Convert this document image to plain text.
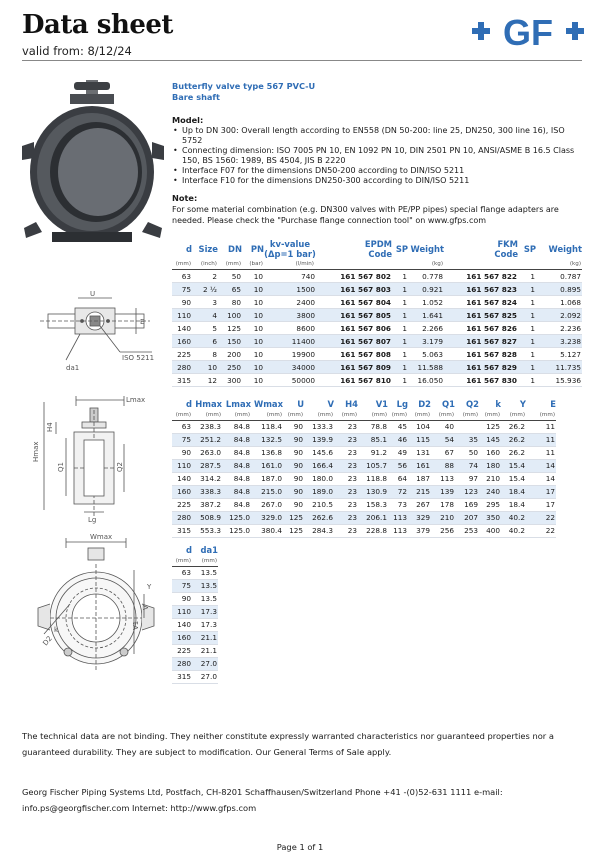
Data sheet
valid from: 8/12/24	GF
Butterfly valve type 567 PVC-U
Bare shaft
Model:
• Up to DN 300: Overall length according to EN558 (DN 50-200: line 25, DN250, 300 line 16), ISO 5752
• Connecting dimension: ISO 7005 PN 10, EN 1092 PN 10, DIN 2501 PN 10, ANSI/ASME B 16.5 Class 150, BS 1560: 1989, BS 4504, JIS B 2220
• Interface F07 for the dimensions DN50-200 according to DIN/ISO 5211
• Interface F10 for the dimensions DN250-300 according to DIN/ISO 5211
Note:
For some material combination (e.g. DN300 valves with PE/PP pipes) special flange adapters are needed. Please check the "Purchase flange connection tool" on www.gfps.com
d	Size	DN	PN	kv-value
(Δp=1 bar)	EPDM
Code	SP	Weight	FKM
Code	SP	Weight
(mm)	(inch)	(mm)	(bar)	(l/min)			(kg)			(kg)
63	2	50	10	740	161 567 802	1	0.778	161 567 822	1	0.787
75	2 ½	65	10	1500	161 567 803	1	0.921	161 567 823	1	0.895
90	3	80	10	2400	161 567 804	1	1.052	161 567 824	1	1.068
110	4	100	10	3800	161 567 805	1	1.641	161 567 825	1	2.092
140	5	125	10	8600	161 567 806	1	2.266	161 567 826	1	2.236
160	6	150	10	11400	161 567 807	1	3.179	161 567 827	1	3.238
225	8	200	10	19900	161 567 808	1	5.063	161 567 828	1	5.127
280	10	250	10	34000	161 567 809	1	11.588	161 567 829	1	11.735
315	12	300	10	50000	161 567 810	1	16.050	161 567 830	1	15.936
U
E
ISO 5211
da1
d	Hmax	Lmax	Wmax	U	V	H4	V1	Lg	D2	Q1	Q2	k	Y	E
(mm)	(mm)	(mm)	(mm)	(mm)	(mm)	(mm)	(mm)	(mm)	(mm)	(mm)	(mm)	(mm)	(mm)	(mm)
63	238.3	84.8	118.4	90	133.3	23	78.8	45	104	40		125	26.2	11
75	251.2	84.8	132.5	90	139.9	23	85.1	46	115	54	35	145	26.2	11
90	263.0	84.8	136.8	90	145.6	23	91.2	49	131	67	50	160	26.2	11
110	287.5	84.8	161.0	90	166.4	23	105.7	56	161	88	74	180	15.4	14
140	314.2	84.8	187.0	90	180.0	23	118.8	64	187	113	97	210	15.4	14
160	338.3	84.8	215.0	90	189.0	23	130.9	72	215	139	123	240	18.4	17
225	387.2	84.8	267.0	90	210.5	23	158.3	73	267	178	169	295	18.4	17
280	508.9	125.0	329.0	125	262.6	23	206.1	113	329	210	207	350	40.2	22
315	553.3	125.0	380.4	125	284.3	23	228.8	113	379	256	253	400	40.2	22
Lmax
Hmax
H4
Q1	Q2
Lg
d	da1
(mm)	(mm)
63	13.5
75	13.5
90	13.5
110	17.3
140	17.3
160	21.1
225	21.1
280	27.0
315	27.0
Wmax
Y
D2
k	V1
V
The technical data are not binding. They neither constitute expressly warranted characteristics nor guaranteed properties nor a guaranteed durability. They are subject to modification. Our General Terms of Sale apply.
Georg Fischer Piping Systems Ltd, Postfach, CH-8201 Schaffhausen/Switzerland Phone +41 -(0)52-631 1111 e-mail: info.ps@georgfischer.com Internet: http://www.gfps.com
Page 1 of 1
